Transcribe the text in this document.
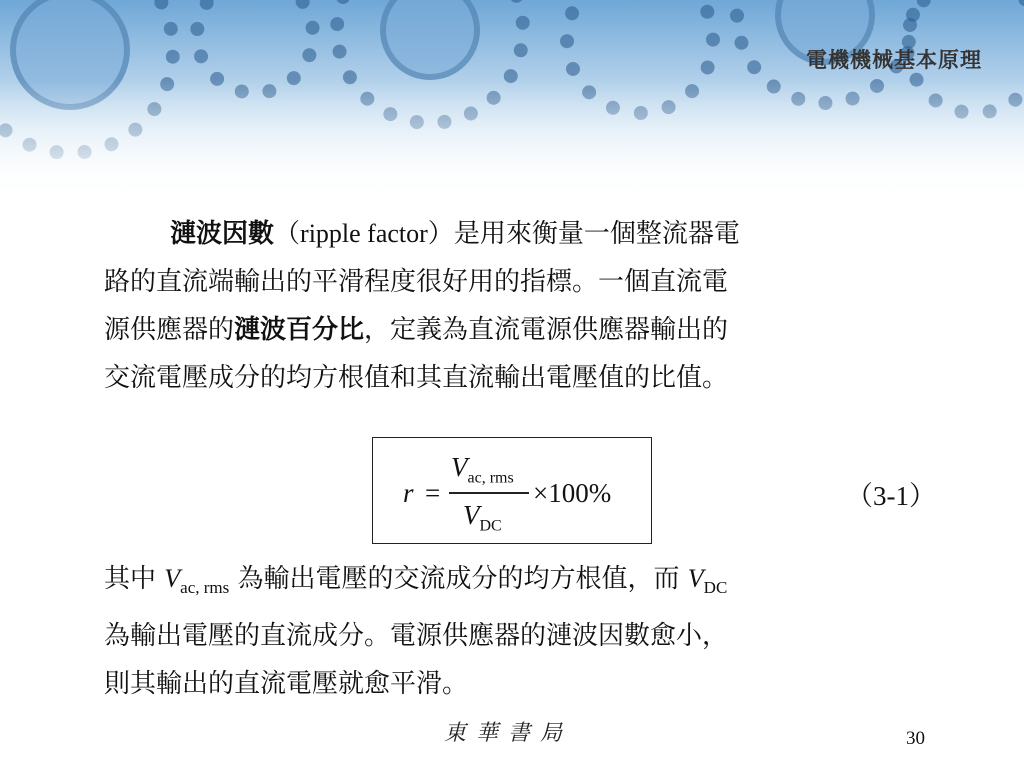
電機機械基本原理
漣波因數（ripple factor）是用來衡量一個整流器電
路的直流端輸出的平滑程度很好用的指標。一個直流電
源供應器的漣波百分比，定義為直流電源供應器輸出的
交流電壓成分的均方根值和其直流輸出電壓值的比值。
r =
$V_{ac, rms}$
$V_{DC}$
×100%	（3-1）
其中 $V_{ac, rms}$ 為輸出電壓的交流成分的均方根值，而 $V_{DC}$
為輸出電壓的直流成分。電源供應器的漣波因數愈小，
則其輸出的直流電壓就愈平滑。
東華書局	30
